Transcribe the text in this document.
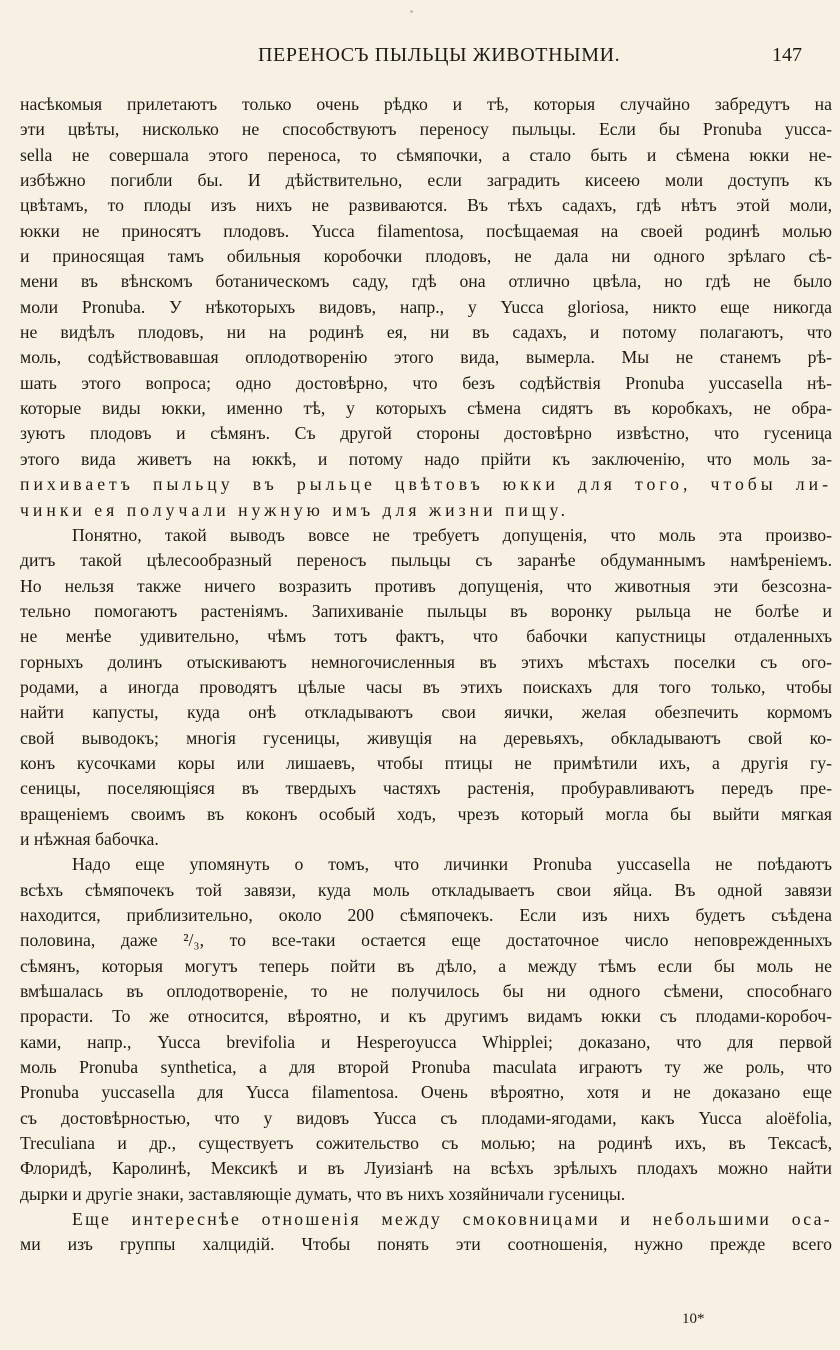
ПЕРЕНОСЪ ПЫЛЬЦЫ ЖИВОТНЫМИ.	147
насѣкомыя прилетаютъ только очень рѣдко и тѣ, которыя случайно забредутъ на
эти цвѣты, нисколько не способствуютъ переносу пыльцы. Если бы Pronuba yucca-
sella не совершала этого переноса, то сѣмяпочки, а стало быть и сѣмена юкки не-
избѣжно погибли бы. И дѣйствительно, если заградить кисеею моли доступъ къ
цвѣтамъ, то плоды изъ нихъ не развиваются. Въ тѣхъ садахъ, гдѣ нѣтъ этой моли,
юкки не приносятъ плодовъ. Yucca filamentosa, посѣщаемая на своей родинѣ молью
и приносящая тамъ обильныя коробочки плодовъ, не дала ни одного зрѣлаго сѣ-
мени въ вѣнскомъ ботаническомъ саду, гдѣ она отлично цвѣла, но гдѣ не было
моли Pronuba. У нѣкоторыхъ видовъ, напр., у Yucca gloriosa, никто еще никогда
не видѣлъ плодовъ, ни на родинѣ ея, ни въ садахъ, и потому полагаютъ, что
моль, содѣйствовавшая оплодотворенію этого вида, вымерла. Мы не станемъ рѣ-
шать этого вопроса; одно достовѣрно, что безъ содѣйствія Pronuba yuccasella нѣ-
которые виды юкки, именно тѣ, у которыхъ сѣмена сидятъ въ коробкахъ, не обра-
зуютъ плодовъ и сѣмянъ. Съ другой стороны достовѣрно извѣстно, что гусеница
этого вида живетъ на юккѣ, и потому надо прійти къ заключенію, что моль за-
пихиваетъ пыльцу въ рыльце цвѣтовъ юкки для того, чтобы ли-
чинки ея получали нужную имъ для жизни пищу.
Понятно, такой выводъ вовсе не требуетъ допущенія, что моль эта произво-
дитъ такой цѣлесообразный переносъ пыльцы съ заранѣе обдуманнымъ намѣреніемъ.
Но нельзя также ничего возразить противъ допущенія, что животныя эти безсозна-
тельно помогаютъ растеніямъ. Запихиваніе пыльцы въ воронку рыльца не болѣе и
не менѣе удивительно, чѣмъ тотъ фактъ, что бабочки капустницы отдаленныхъ
горныхъ долинъ отыскиваютъ немногочисленныя въ этихъ мѣстахъ поселки съ ого-
родами, а иногда проводятъ цѣлые часы въ этихъ поискахъ для того только, чтобы
найти капусты, куда онѣ откладываютъ свои яички, желая обезпечить кормомъ
свой выводокъ; многія гусеницы, живущія на деревьяхъ, обкладываютъ свой ко-
конъ кусочками коры или лишаевъ, чтобы птицы не примѣтили ихъ, а другія гу-
сеницы, поселяющіяся въ твердыхъ частяхъ растенія, пробуравливаютъ передъ пре-
вращеніемъ своимъ въ коконъ особый ходъ, чрезъ который могла бы выйти мягкая
и нѣжная бабочка.
Надо еще упомянуть о томъ, что личинки Pronuba yuccasella не поѣдаютъ
всѣхъ сѣмяпочекъ той завязи, куда моль откладываетъ свои яйца. Въ одной завязи
находится, приблизительно, около 200 сѣмяпочекъ. Если изъ нихъ будетъ съѣдена
половина, даже ²/₃, то все-таки остается еще достаточное число неповрежденныхъ
сѣмянъ, которыя могутъ теперь пойти въ дѣло, а между тѣмъ если бы моль не
вмѣшалась въ оплодотвореніе, то не получилось бы ни одного сѣмени, способнаго
прорасти. То же относится, вѣроятно, и къ другимъ видамъ юкки съ плодами-коробоч-
ками, напр., Yucca brevifolia и Hesperoyucca Whipplei; доказано, что для первой
моль Pronuba synthetica, а для второй Pronuba maculata играютъ ту же роль, что
Pronuba yuccasella для Yucca filamentosa. Очень вѣроятно, хотя и не доказано еще
съ достовѣрностью, что у видовъ Yucca съ плодами-ягодами, какъ Yucca aloëfolia,
Treculiana и др., существуетъ сожительство съ молью; на родинѣ ихъ, въ Тексасѣ,
Флоридѣ, Каролинѣ, Мексикѣ и въ Луизіанѣ на всѣхъ зрѣлыхъ плодахъ можно найти
дырки и другіе знаки, заставляющіе думать, что въ нихъ хозяйничали гусеницы.
Еще интереснѣе отношенія между смоковницами и небольшими оса-
ми изъ группы халцидій. Чтобы понять эти соотношенія, нужно прежде всего
10*
